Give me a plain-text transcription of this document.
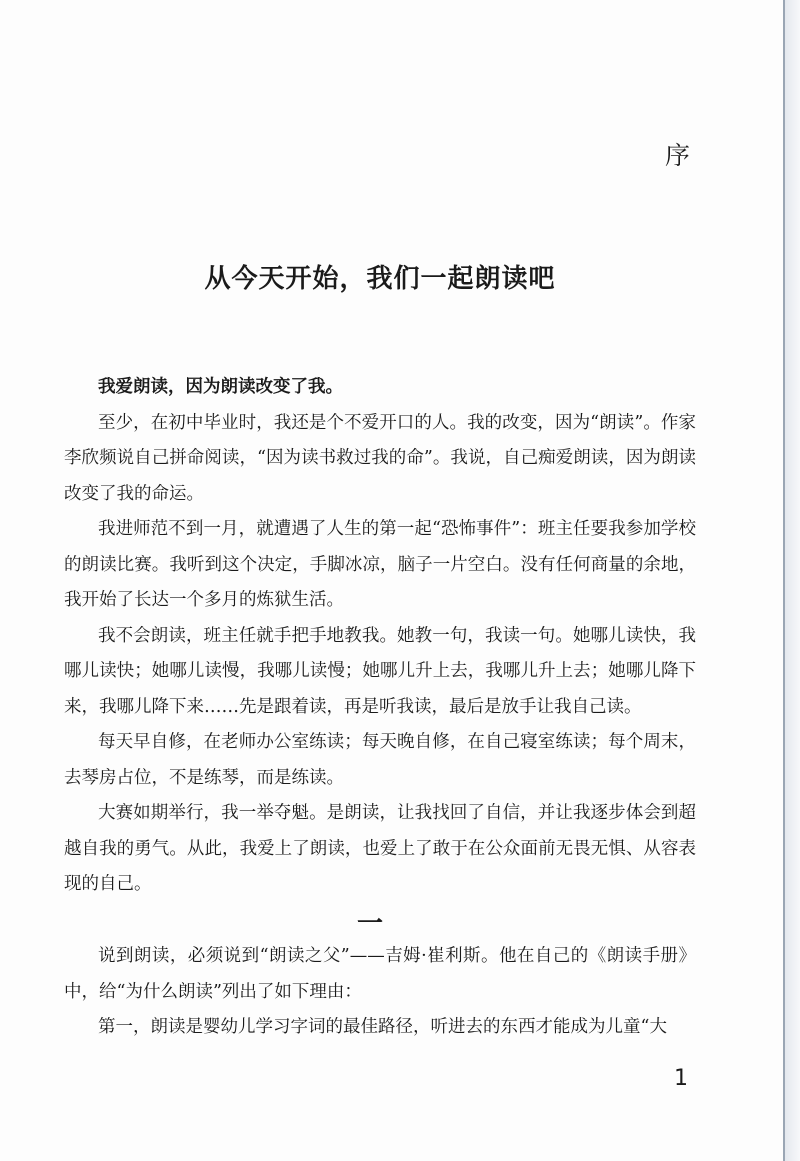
序
从今天开始，我们一起朗读吧

我爱朗读，因为朗读改变了我。

至少，在初中毕业时，我还是个不爱开口的人。我的改变，因为“朗读”。作家李欣频说自己拼命阅读，“因为读书救过我的命”。我说，自己痴爱朗读，因为朗读改变了我的命运。

我进师范不到一月，就遭遇了人生的第一起“恐怖事件”：班主任要我参加学校的朗读比赛。我听到这个决定，手脚冰凉，脑子一片空白。没有任何商量的余地，我开始了长达一个多月的炼狱生活。

我不会朗读，班主任就手把手地教我。她教一句，我读一句。她哪儿读快，我哪儿读快；她哪儿读慢，我哪儿读慢；她哪儿升上去，我哪儿升上去；她哪儿降下来，我哪儿降下来……先是跟着读，再是听我读，最后是放手让我自己读。

每天早自修，在老师办公室练读；每天晚自修，在自己寝室练读；每个周末，去琴房占位，不是练琴，而是练读。

大赛如期举行，我一举夺魁。是朗读，让我找回了自信，并让我逐步体会到超越自我的勇气。从此，我爱上了朗读，也爱上了敢于在公众面前无畏无惧、从容表现的自己。

一

说到朗读，必须说到“朗读之父”——吉姆·崔利斯。他在自己的《朗读手册》中，给“为什么朗读”列出了如下理由：

第一，朗读是婴幼儿学习字词的最佳路径，听进去的东西才能成为儿童“大

1
